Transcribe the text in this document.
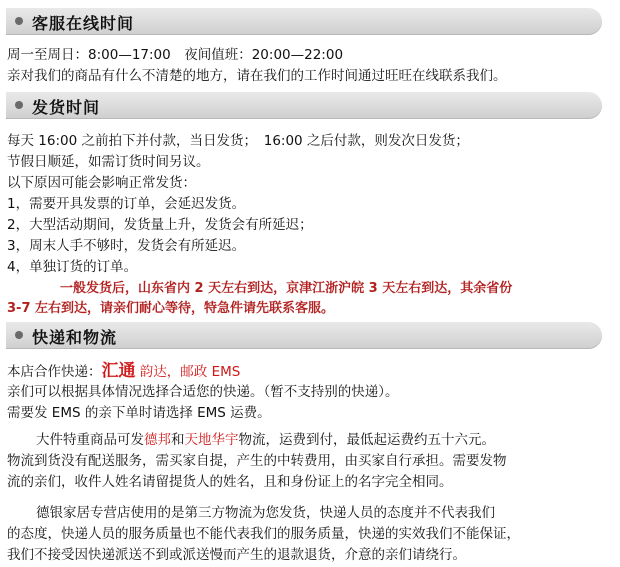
客服在线时间
周一至周日：8:00—17:00　夜间值班：20:00—22:00
亲对我们的商品有什么不清楚的地方，请在我们的工作时间通过旺旺在线联系我们。
发货时间
每天 16:00 之前拍下并付款，当日发货；　16:00 之后付款，则发次日发货；
节假日顺延，如需订货时间另议。
以下原因可能会影响正常发货：
1，需要开具发票的订单，会延迟发货。
2，大型活动期间，发货量上升，发货会有所延迟；
3，周末人手不够时，发货会有所延迟。
4，单独订货的订单。
一般发货后，山东省内 2 天左右到达，京津江浙沪皖 3 天左右到达，其余省份
3-7 左右到达，请亲们耐心等待，特急件请先联系客服。
快递和物流
本店合作快递：汇通 韵达，邮政 EMS
亲们可以根据具体情况选择合适您的快递。（暂不支持别的快递）。
需要发 EMS 的亲下单时请选择 EMS 运费。
大件特重商品可发德邦和天地华宇物流，运费到付，最低起运费约五十六元。
物流到货没有配送服务，需买家自提，产生的中转费用，由买家自行承担。需要发物
流的亲们，收件人姓名请留提货人的姓名，且和身份证上的名字完全相同。
德银家居专营店使用的是第三方物流为您发货，快递人员的态度并不代表我们
的态度，快递人员的服务质量也不能代表我们的服务质量，快递的实效我们不能保证，
我们不接受因快递派送不到或派送慢而产生的退款退货，介意的亲们请绕行。
